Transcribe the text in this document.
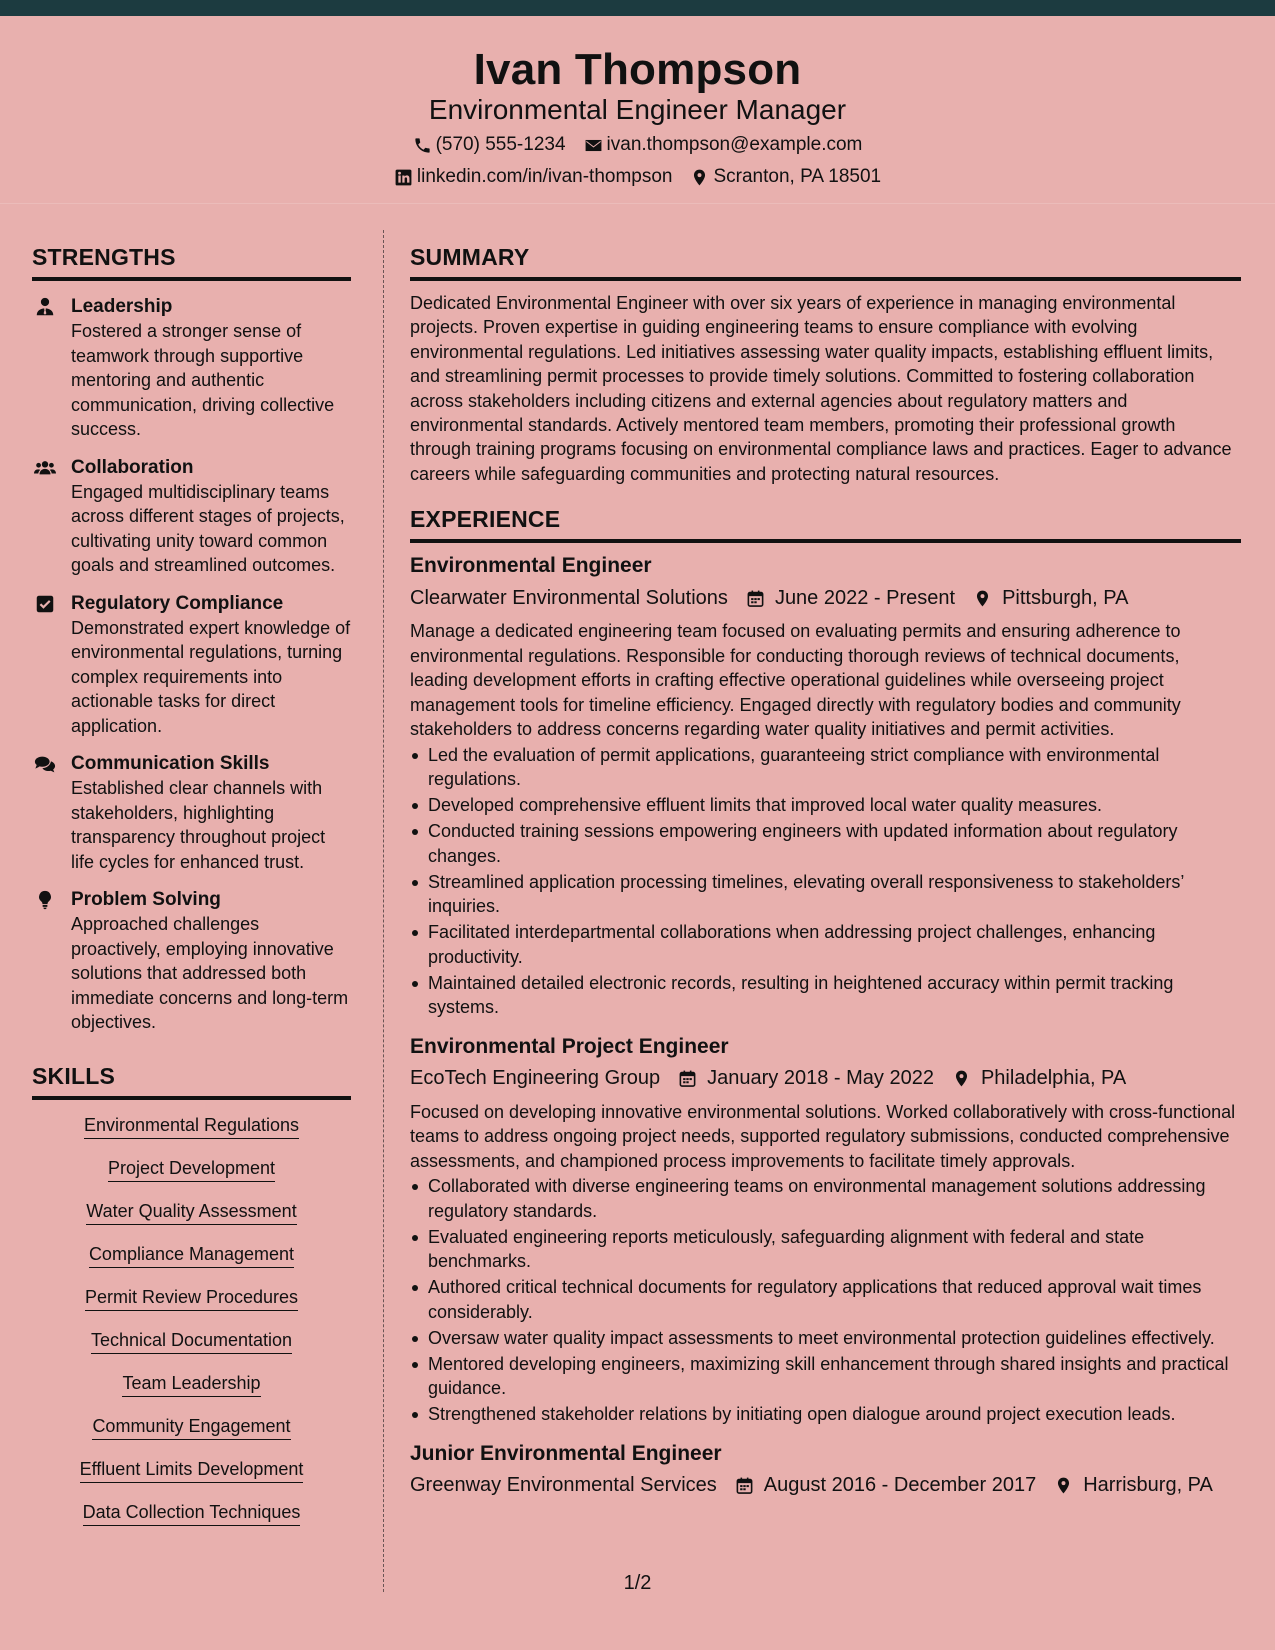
Ivan Thompson
Environmental Engineer Manager
(570) 555-1234 ivan.thompson@example.com
linkedin.com/in/ivan-thompson Scranton, PA 18501
STRENGTHS
Leadership
Fostered a stronger sense of teamwork through supportive mentoring and authentic communication, driving collective success.
Collaboration
Engaged multidisciplinary teams across different stages of projects, cultivating unity toward common goals and streamlined outcomes.
Regulatory Compliance
Demonstrated expert knowledge of environmental regulations, turning complex requirements into actionable tasks for direct application.
Communication Skills
Established clear channels with stakeholders, highlighting transparency throughout project life cycles for enhanced trust.
Problem Solving
Approached challenges proactively, employing innovative solutions that addressed both immediate concerns and long-term objectives.
SKILLS
Environmental Regulations
Project Development
Water Quality Assessment
Compliance Management
Permit Review Procedures
Technical Documentation
Team Leadership
Community Engagement
Effluent Limits Development
Data Collection Techniques
SUMMARY
Dedicated Environmental Engineer with over six years of experience in managing environmental projects. Proven expertise in guiding engineering teams to ensure compliance with evolving environmental regulations. Led initiatives assessing water quality impacts, establishing effluent limits, and streamlining permit processes to provide timely solutions. Committed to fostering collaboration across stakeholders including citizens and external agencies about regulatory matters and environmental standards. Actively mentored team members, promoting their professional growth through training programs focusing on environmental compliance laws and practices. Eager to advance careers while safeguarding communities and protecting natural resources.
EXPERIENCE
Environmental Engineer
Clearwater Environmental Solutions June 2022 - Present Pittsburgh, PA
Manage a dedicated engineering team focused on evaluating permits and ensuring adherence to environmental regulations. Responsible for conducting thorough reviews of technical documents, leading development efforts in crafting effective operational guidelines while overseeing project management tools for timeline efficiency. Engaged directly with regulatory bodies and community stakeholders to address concerns regarding water quality initiatives and permit activities.
Led the evaluation of permit applications, guaranteeing strict compliance with environmental regulations.
Developed comprehensive effluent limits that improved local water quality measures.
Conducted training sessions empowering engineers with updated information about regulatory changes.
Streamlined application processing timelines, elevating overall responsiveness to stakeholders’ inquiries.
Facilitated interdepartmental collaborations when addressing project challenges, enhancing productivity.
Maintained detailed electronic records, resulting in heightened accuracy within permit tracking systems.
Environmental Project Engineer
EcoTech Engineering Group January 2018 - May 2022 Philadelphia, PA
Focused on developing innovative environmental solutions. Worked collaboratively with cross-functional teams to address ongoing project needs, supported regulatory submissions, conducted comprehensive assessments, and championed process improvements to facilitate timely approvals.
Collaborated with diverse engineering teams on environmental management solutions addressing regulatory standards.
Evaluated engineering reports meticulously, safeguarding alignment with federal and state benchmarks.
Authored critical technical documents for regulatory applications that reduced approval wait times considerably.
Oversaw water quality impact assessments to meet environmental protection guidelines effectively.
Mentored developing engineers, maximizing skill enhancement through shared insights and practical guidance.
Strengthened stakeholder relations by initiating open dialogue around project execution leads.
Junior Environmental Engineer
Greenway Environmental Services August 2016 - December 2017 Harrisburg, PA
1/2
